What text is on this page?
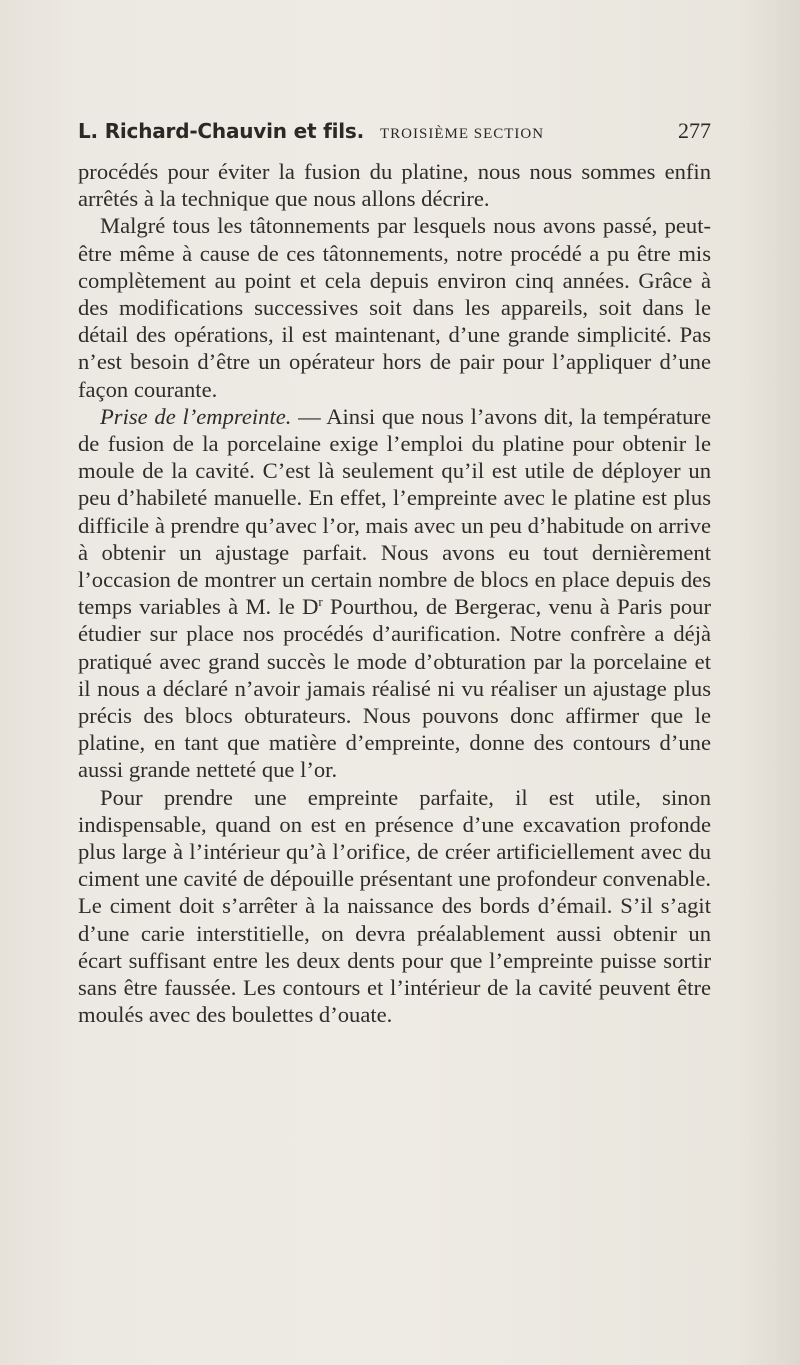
L. Richard-Chauvin et fils. TROISIÈME SECTION	277

procédés pour éviter la fusion du platine, nous nous sommes enfin arrêtés à la technique que nous allons décrire.

Malgré tous les tâtonnements par lesquels nous avons passé, peut-être même à cause de ces tâtonnements, notre procédé a pu être mis complètement au point et cela depuis environ cinq années. Grâce à des modifications successives soit dans les appareils, soit dans le détail des opérations, il est maintenant, d’une grande simplicité. Pas n’est besoin d’être un opérateur hors de pair pour l’appliquer d’une façon courante.

Prise de l’empreinte. — Ainsi que nous l’avons dit, la température de fusion de la porcelaine exige l’emploi du platine pour obtenir le moule de la cavité. C’est là seulement qu’il est utile de déployer un peu d’habileté manuelle. En effet, l’empreinte avec le platine est plus difficile à prendre qu’avec l’or, mais avec un peu d’habitude on arrive à obtenir un ajustage parfait. Nous avons eu tout dernièrement l’occasion de montrer un certain nombre de blocs en place depuis des temps variables à M. le $D^r$ Pourthou, de Bergerac, venu à Paris pour étudier sur place nos procédés d’aurification. Notre confrère a déjà pratiqué avec grand succès le mode d’obturation par la porcelaine et il nous a déclaré n’avoir jamais réalisé ni vu réaliser un ajustage plus précis des blocs obturateurs. Nous pouvons donc affirmer que le platine, en tant que matière d’empreinte, donne des contours d’une aussi grande netteté que l’or.

Pour prendre une empreinte parfaite, il est utile, sinon indispensable, quand on est en présence d’une excavation profonde plus large à l’intérieur qu’à l’orifice, de créer artificiellement avec du ciment une cavité de dépouille présentant une profondeur convenable. Le ciment doit s’arrêter à la naissance des bords d’émail. S’il s’agit d’une carie interstitielle, on devra préalablement aussi obtenir un écart suffisant entre les deux dents pour que l’empreinte puisse sortir sans être faussée. Les contours et l’intérieur de la cavité peuvent être moulés avec des boulettes d’ouate.
